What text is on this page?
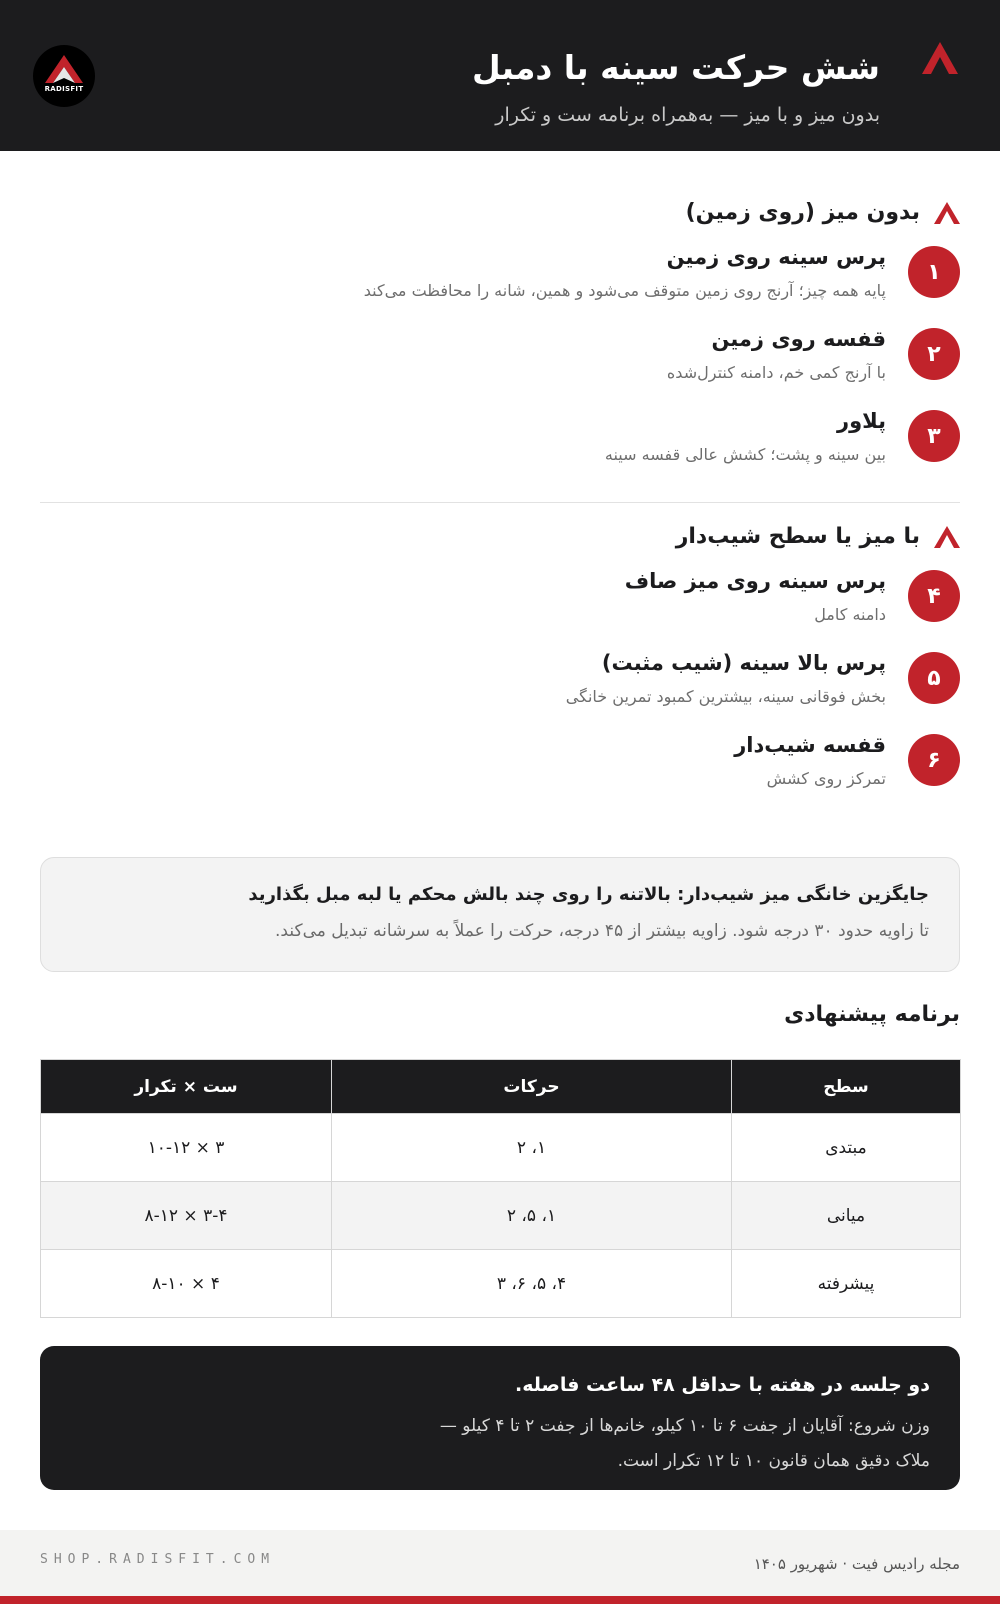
شش حرکت سینه با دمبل
بدون میز و با میز — به‌همراه برنامه ست و تکرار
RADISFIT
بدون میز (روی زمین)
۱
پرس سینه روی زمین
پایه همه چیز؛ آرنج روی زمین متوقف می‌شود و همین، شانه را محافظت می‌کند
۲
قفسه روی زمین
با آرنج کمی خم، دامنه کنترل‌شده
۳
پلاور
بین سینه و پشت؛ کشش عالی قفسه سینه
با میز یا سطح شیب‌دار
۴
پرس سینه روی میز صاف
دامنه کامل
۵
پرس بالا سینه (شیب مثبت)
بخش فوقانی سینه، بیشترین کمبود تمرین خانگی
۶
قفسه شیب‌دار
تمرکز روی کشش
جایگزین خانگی میز شیب‌دار: بالاتنه را روی چند بالش محکم یا لبه مبل بگذارید
تا زاویه حدود ۳۰ درجه شود. زاویه بیشتر از ۴۵ درجه، حرکت را عملاً به سرشانه تبدیل می‌کند.
برنامه پیشنهادی
سطح	حرکات	ست × تکرار
مبتدی	۱، ۲	۳ × ۱۰-۱۲
میانی	۱، ۵، ۲	۳-۴ × ۸-۱۲
پیشرفته	۴، ۵، ۶، ۳	۴ × ۸-۱۰
دو جلسه در هفته با حداقل ۴۸ ساعت فاصله.
وزن شروع: آقایان از جفت ۶ تا ۱۰ کیلو، خانم‌ها از جفت ۲ تا ۴ کیلو —
ملاک دقیق همان قانون ۱۰ تا ۱۲ تکرار است.
مجله رادیس فیت · شهریور ۱۴۰۵
SHOP.RADISFIT.COM
